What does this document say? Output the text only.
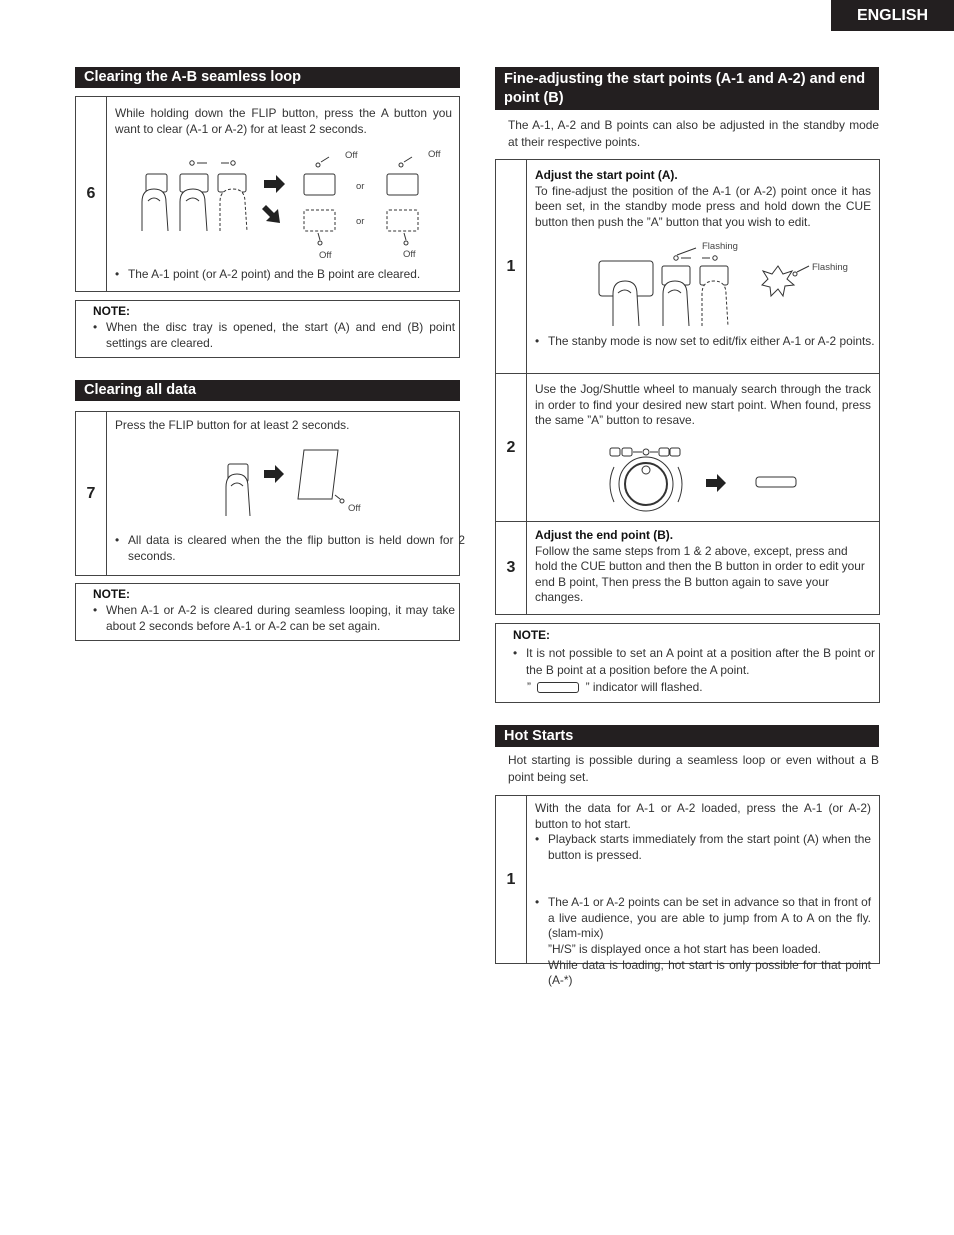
ENGLISH
Clearing the A-B seamless loop
6
While holding down the FLIP button, press the A button you want to clear (A-1 or A-2) for at least 2 seconds.
Off	Off
Off	Off
or
or
• The A-1 point (or A-2 point) and the B point are cleared.
NOTE:
• When the disc tray is opened, the start (A) and end (B) point settings are cleared.
Clearing all data
7
Press the FLIP button for at least 2 seconds.
Off
• All data is cleared when the the flip button is held down for 2 seconds.
NOTE:
• When A-1 or A-2 is cleared during seamless looping, it may take about 2 seconds before A-1 or A-2 can be set again.
Fine-adjusting the start points (A-1 and A-2) and end point (B)
The A-1, A-2 and B points can also be adjusted in the standby mode at their respective points.
1
Adjust the start point (A).
To fine-adjust the position of the A-1 (or A-2) point once it has been set, in the standby mode press and hold down the CUE button then push the ”A” button that you wish to edit.
Flashing
Flashing
• The stanby mode is now set to edit/fix either A-1 or A-2 points.
2
Use the Jog/Shuttle wheel to manualy search through the track in order to find your desired new start point. When found, press the same ”A” button to resave.
3
Adjust the end point (B).
Follow the same steps from 1 & 2 above, except, press and hold the CUE button and then the B button in order to edit your end B point, Then press the B button again to save your changes.
NOTE:
• It is not possible to set an A point at a position after the B point or the B point at a position before the A point.
”	” indicator will flashed.
Hot Starts
Hot starting is possible during a seamless loop or even without a B point being set.
1
With the data for A-1 or A-2 loaded, press the A-1 (or A-2) button to hot start.
• Playback starts immediately from the start point (A) when the button is pressed.
• The A-1 or A-2 points can be set in advance so that in front of a live audience, you are able to jump from A to A on the fly. (slam-mix)
”H/S” is displayed once a hot start has been loaded.
While data is loading, hot start is only possible for that point (A-*)
